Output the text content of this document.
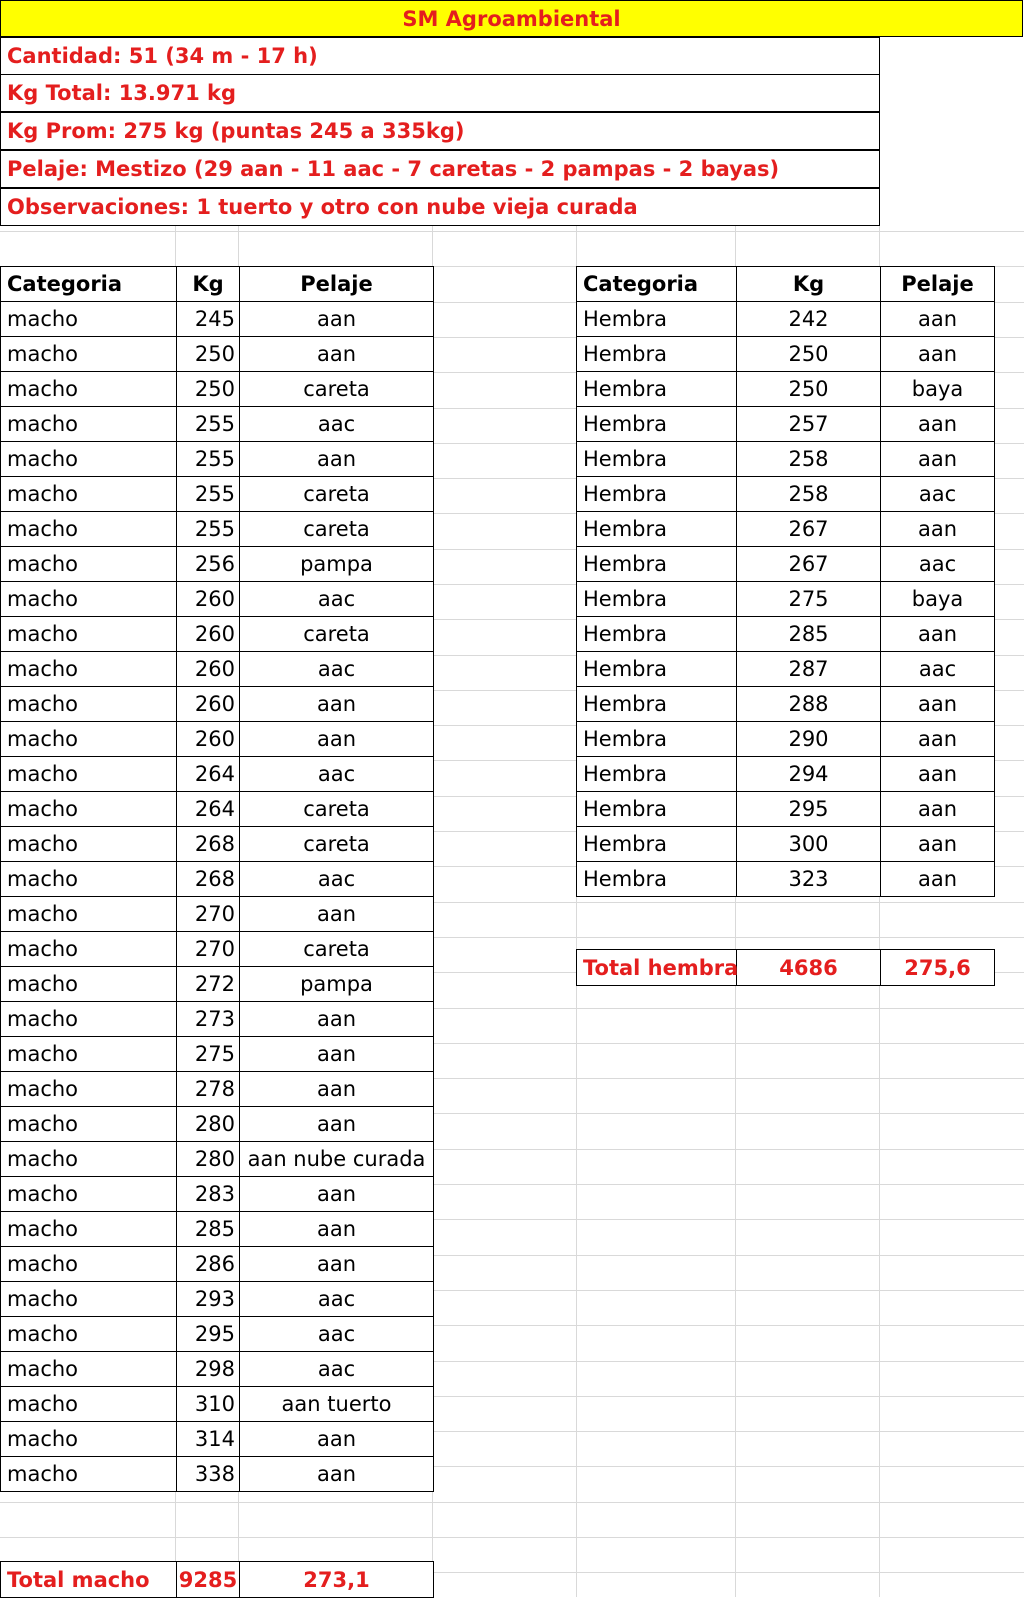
SM Agroambiental
Cantidad: 51 (34 m - 17 h)
Kg Total: 13.971 kg
Kg Prom: 275 kg (puntas 245 a 335kg)
Pelaje: Mestizo (29 aan - 11 aac - 7 caretas - 2 pampas - 2 bayas)
Observaciones: 1 tuerto y otro con nube vieja curada
Categoria	Kg	Pelaje
macho	245	aan
macho	250	aan
macho	250	careta
macho	255	aac
macho	255	aan
macho	255	careta
macho	255	careta
macho	256	pampa
macho	260	aac
macho	260	careta
macho	260	aac
macho	260	aan
macho	260	aan
macho	264	aac
macho	264	careta
macho	268	careta
macho	268	aac
macho	270	aan
macho	270	careta
macho	272	pampa
macho	273	aan
macho	275	aan
macho	278	aan
macho	280	aan
macho	280	aan nube curada
macho	283	aan
macho	285	aan
macho	286	aan
macho	293	aac
macho	295	aac
macho	298	aac
macho	310	aan tuerto
macho	314	aan
macho	338	aan
Categoria	Kg	Pelaje
Hembra	242	aan
Hembra	250	aan
Hembra	250	baya
Hembra	257	aan
Hembra	258	aan
Hembra	258	aac
Hembra	267	aan
Hembra	267	aac
Hembra	275	baya
Hembra	285	aan
Hembra	287	aac
Hembra	288	aan
Hembra	290	aan
Hembra	294	aan
Hembra	295	aan
Hembra	300	aan
Hembra	323	aan
Total hembra	4686	275,6
Total macho	9285	273,1
